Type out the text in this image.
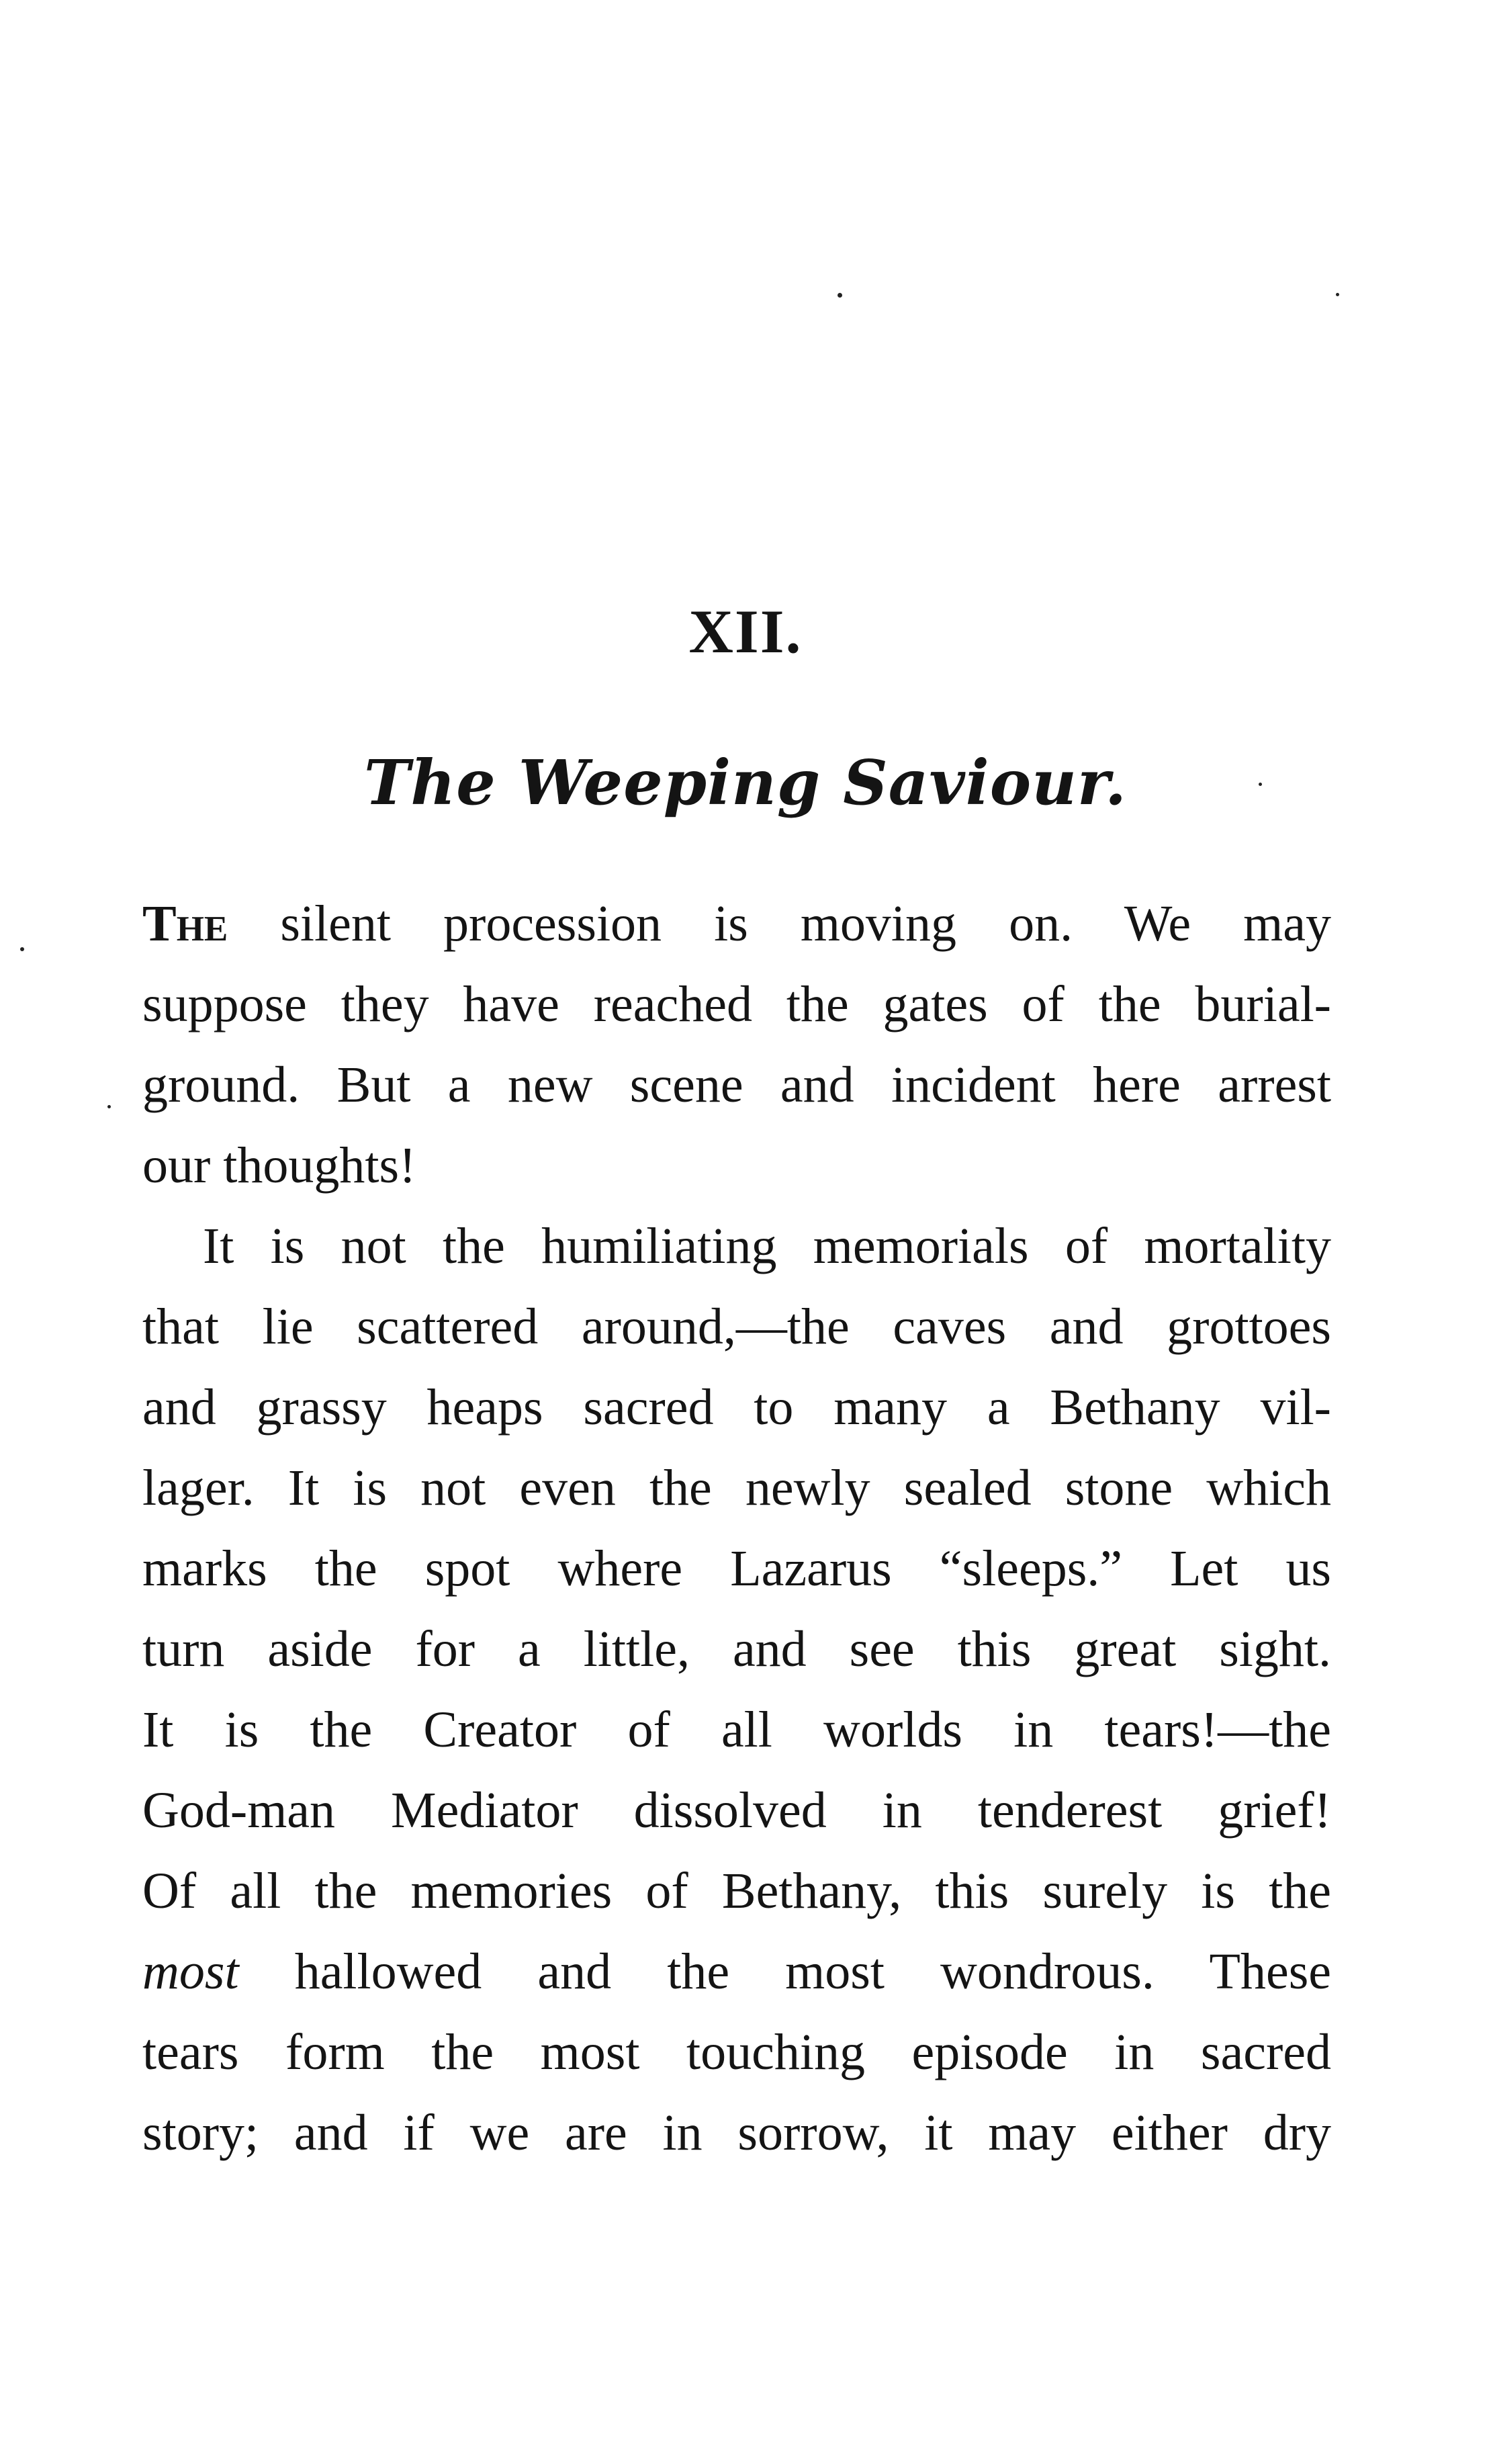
XII.
The Weeping Saviour.
The silent procession is moving on. We may
suppose they have reached the gates of the burial-
ground. But a new scene and incident here arrest
our thoughts!
It is not the humiliating memorials of mortality
that lie scattered around,—the caves and grottoes
and grassy heaps sacred to many a Bethany vil-
lager. It is not even the newly sealed stone which
marks the spot where Lazarus “sleeps.” Let us
turn aside for a little, and see this great sight.
It is the Creator of all worlds in tears!—the
God-man Mediator dissolved in tenderest grief!
Of all the memories of Bethany, this surely is the
most hallowed and the most wondrous. These
tears form the most touching episode in sacred
story; and if we are in sorrow, it may either dry
